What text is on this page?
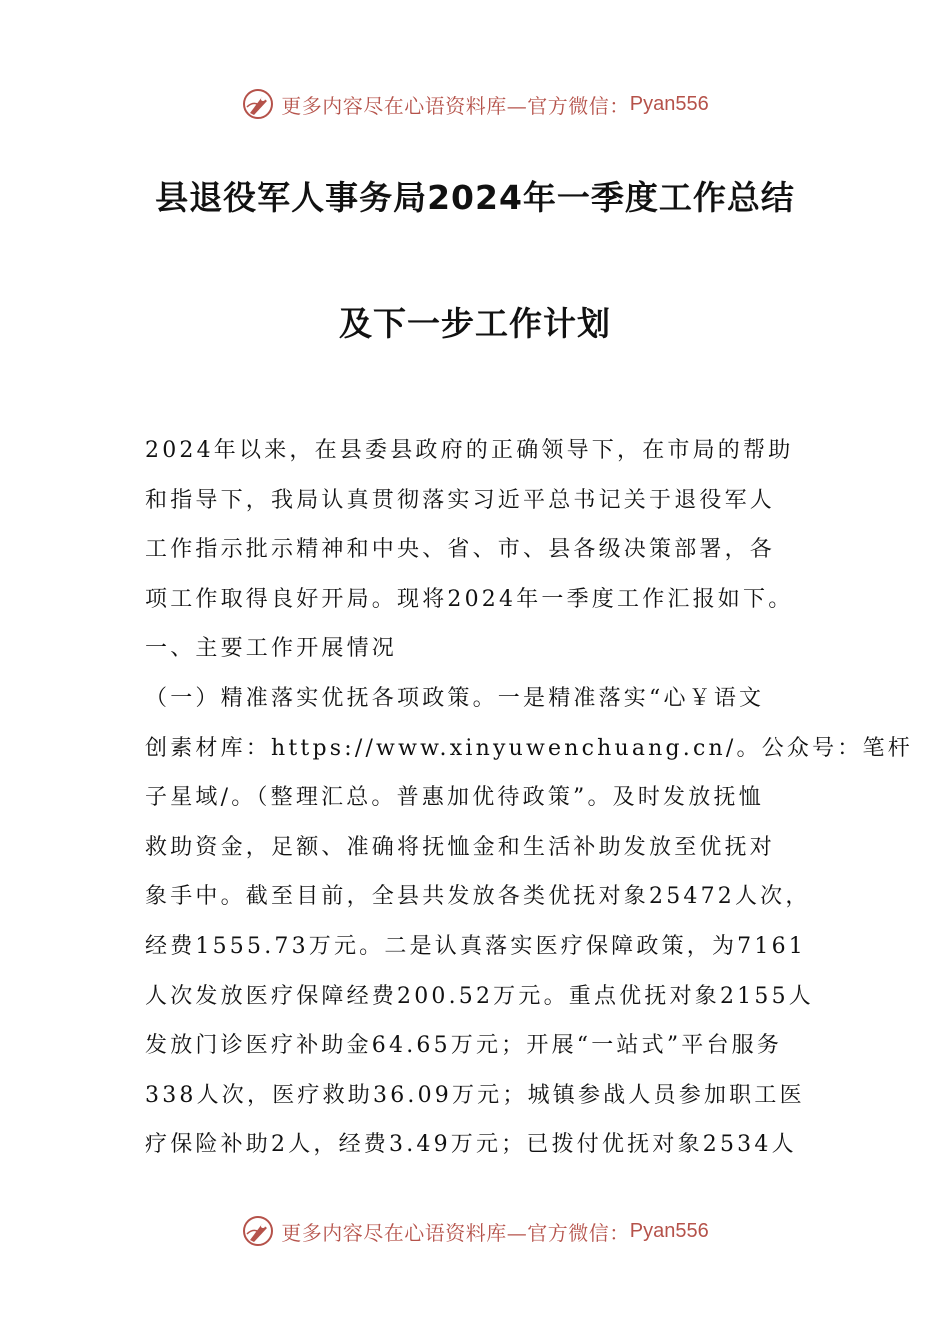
更多内容尽在心语资料库—官方微信： Pyan556
县退役军人事务局2024年一季度工作总结
及下一步工作计划
2024年以来，在县委县政府的正确领导下，在市局的帮助
和指导下，我局认真贯彻落实习近平总书记关于退役军人
工作指示批示精神和中央、省、市、县各级决策部署，各
项工作取得良好开局。现将2024年一季度工作汇报如下。
一、主要工作开展情况
（一）精准落实优抚各项政策。一是精准落实“心￥语文
创素材库：https://www.xinyuwenchuang.cn/。公众号：笔杆
子星域/。（整理汇总。普惠加优待政策”。及时发放抚恤
救助资金，足额、准确将抚恤金和生活补助发放至优抚对
象手中。截至目前，全县共发放各类优抚对象25472人次，
经费1555.73万元。二是认真落实医疗保障政策，为7161
人次发放医疗保障经费200.52万元。重点优抚对象2155人
发放门诊医疗补助金64.65万元；开展“一站式”平台服务
338人次，医疗救助36.09万元；城镇参战人员参加职工医
疗保险补助2人，经费3.49万元；已拨付优抚对象2534人
更多内容尽在心语资料库—官方微信： Pyan556
